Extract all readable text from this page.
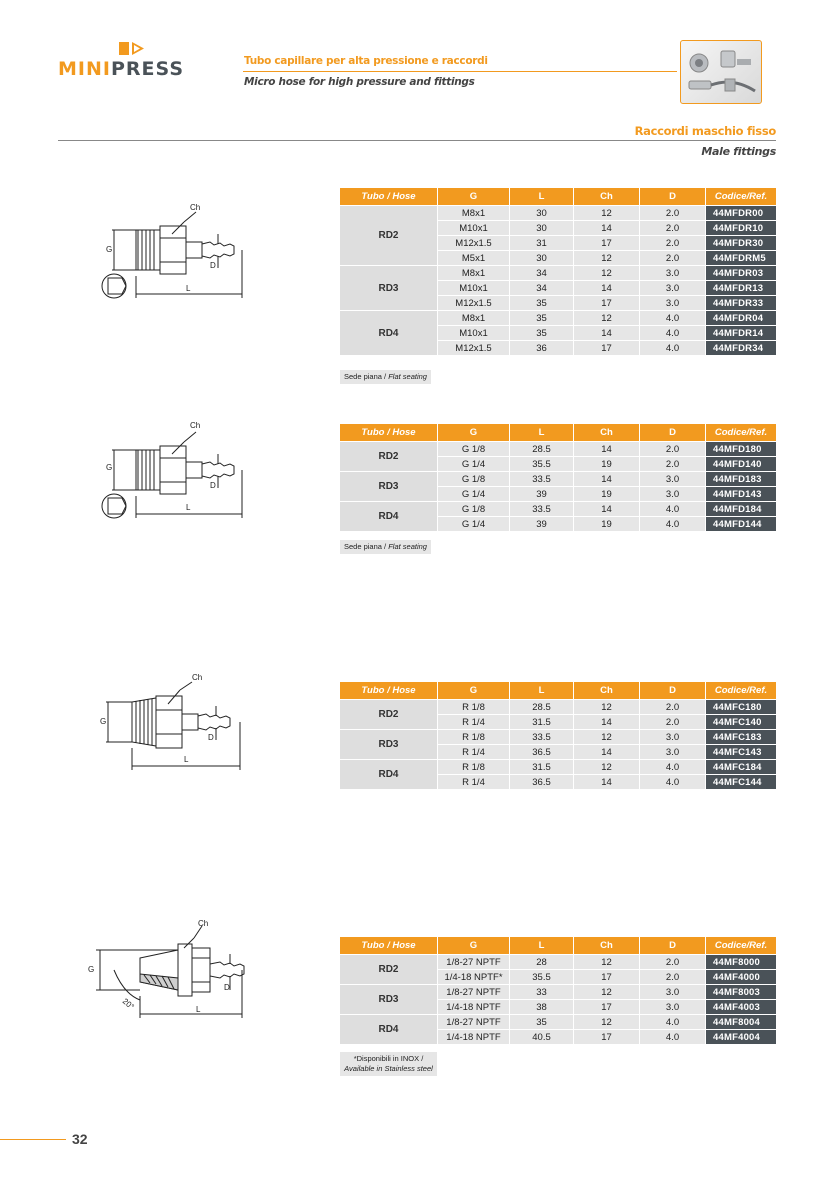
MINIPRESS	Tubo capillare per alta pressione e raccordi
Micro hose for high pressure and fittings
Raccordi maschio fisso
Male fittings
Ch
G
L
D
Ch
G
L
D
Ch
G
L
D
Ch
G
L
D
20°
Tubo / Hose	G	L	Ch	D	Codice/Ref.
RD2	M8x1	30	12	2.0	44MFDR00
	M10x1	30	14	2.0	44MFDR10
	M12x1.5	31	17	2.0	44MFDR30
	M5x1	30	12	2.0	44MFDRM5
RD3	M8x1	34	12	3.0	44MFDR03
	M10x1	34	14	3.0	44MFDR13
	M12x1.5	35	17	3.0	44MFDR33
RD4	M8x1	35	12	4.0	44MFDR04
	M10x1	35	14	4.0	44MFDR14
	M12x1.5	36	17	4.0	44MFDR34
Sede piana / Flat seating
Tubo / Hose	G	L	Ch	D	Codice/Ref.
RD2	G 1/8	28.5	14	2.0	44MFD180
	G 1/4	35.5	19	2.0	44MFD140
RD3	G 1/8	33.5	14	3.0	44MFD183
	G 1/4	39	19	3.0	44MFD143
RD4	G 1/8	33.5	14	4.0	44MFD184
	G 1/4	39	19	4.0	44MFD144
Sede piana / Flat seating
Tubo / Hose	G	L	Ch	D	Codice/Ref.
RD2	R 1/8	28.5	12	2.0	44MFC180
	R 1/4	31.5	14	2.0	44MFC140
RD3	R 1/8	33.5	12	3.0	44MFC183
	R 1/4	36.5	14	3.0	44MFC143
RD4	R 1/8	31.5	12	4.0	44MFC184
	R 1/4	36.5	14	4.0	44MFC144
Tubo / Hose	G	L	Ch	D	Codice/Ref.
RD2	1/8-27 NPTF	28	12	2.0	44MF8000
	1/4-18 NPTF*	35.5	17	2.0	44MF4000
RD3	1/8-27 NPTF	33	12	3.0	44MF8003
	1/4-18 NPTF	38	17	3.0	44MF4003
RD4	1/8-27 NPTF	35	12	4.0	44MF8004
	1/4-18 NPTF	40.5	17	4.0	44MF4004
*Disponibili in INOX /
Available in Stainless steel
32
